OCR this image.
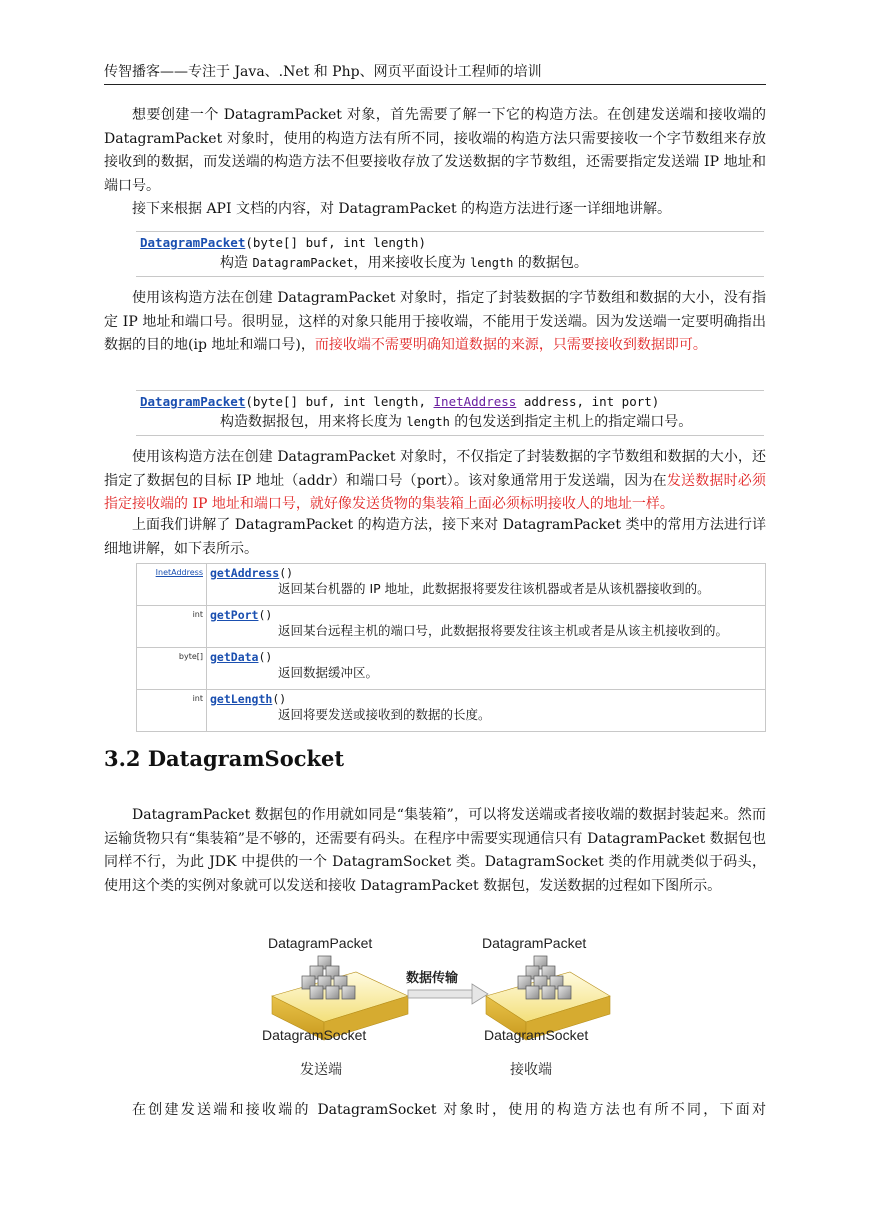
传智播客——专注于 Java、.Net 和 Php、网页平面设计工程师的培训

想要创建一个 DatagramPacket 对象，首先需要了解一下它的构造方法。在创建发送端和接收端的 DatagramPacket 对象时，使用的构造方法有所不同，接收端的构造方法只需要接收一个字节数组来存放接收到的数据，而发送端的构造方法不但要接收存放了发送数据的字节数组，还需要指定发送端 IP 地址和端口号。

接下来根据 API 文档的内容，对 DatagramPacket 的构造方法进行逐一详细地讲解。

DatagramPacket(byte[] buf, int length)
构造 DatagramPacket，用来接收长度为 length 的数据包。

使用该构造方法在创建 DatagramPacket 对象时，指定了封装数据的字节数组和数据的大小，没有指定 IP 地址和端口号。很明显，这样的对象只能用于接收端，不能用于发送端。因为发送端一定要明确指出数据的目的地(ip 地址和端口号)，而接收端不需要明确知道数据的来源，只需要接收到数据即可。

DatagramPacket(byte[] buf, int length, InetAddress address, int port)
构造数据报包，用来将长度为 length 的包发送到指定主机上的指定端口号。

使用该构造方法在创建 DatagramPacket 对象时，不仅指定了封装数据的字节数组和数据的大小，还指定了数据包的目标 IP 地址（addr）和端口号（port）。该对象通常用于发送端，因为在发送数据时必须指定接收端的 IP 地址和端口号，就好像发送货物的集装箱上面必须标明接收人的地址一样。

上面我们讲解了 DatagramPacket 的构造方法，接下来对 DatagramPacket 类中的常用方法进行详细地讲解，如下表所示。

InetAddress	getAddress()
返回某台机器的 IP 地址，此数据报将要发往该机器或者是从该机器接收到的。

int	getPort()
返回某台远程主机的端口号，此数据报将要发往该主机或者是从该主机接收到的。

byte[]	getData()
返回数据缓冲区。

int	getLength()
返回将要发送或接收到的数据的长度。
3.2 DatagramSocket

DatagramPacket 数据包的作用就如同是“集装箱”，可以将发送端或者接收端的数据封装起来。然而运输货物只有“集装箱”是不够的，还需要有码头。在程序中需要实现通信只有 DatagramPacket 数据包也同样不行，为此 JDK 中提供的一个 DatagramSocket 类。DatagramSocket 类的作用就类似于码头，使用这个类的实例对象就可以发送和接收 DatagramPacket 数据包，发送数据的过程如下图所示。

DatagramPacket	DatagramPacket
数据传输
DatagramSocket	DatagramSocket
发送端	接收端

在创建发送端和接收端的 DatagramSocket 对象时，使用的构造方法也有所不同，下面对
